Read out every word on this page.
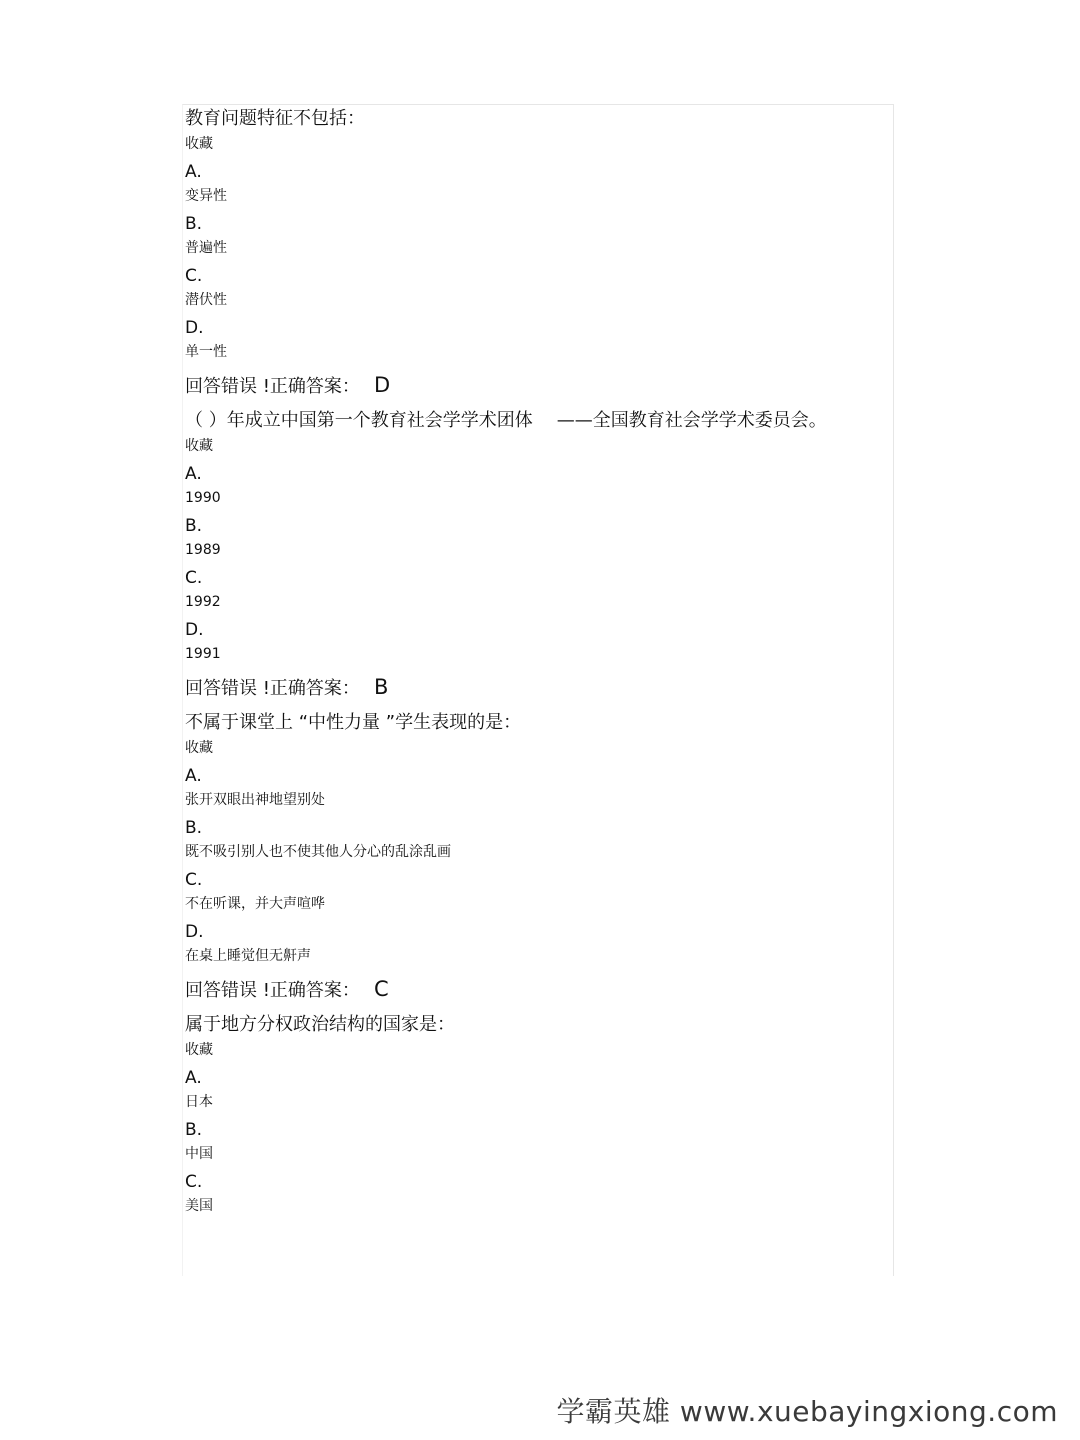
教育问题特征不包括：
收藏
A.
变异性
B.
普遍性
C.
潜伏性
D.
单一性
回答错误 !正确答案： D
（ ）年成立中国第一个教育社会学学术团体 ——全国教育社会学学术委员会。
收藏
A.
1990
B.
1989
C.
1992
D.
1991
回答错误 !正确答案： B
不属于课堂上 “中性力量 ”学生表现的是：
收藏
A.
张开双眼出神地望别处
B.
既不吸引别人也不使其他人分心的乱涂乱画
C.
不在听课，并大声喧哗
D.
在桌上睡觉但无鼾声
回答错误 !正确答案： C
属于地方分权政治结构的国家是：
收藏
A.
日本
B.
中国
C.
美国
学霸英雄 www.xuebayingxiong.com
